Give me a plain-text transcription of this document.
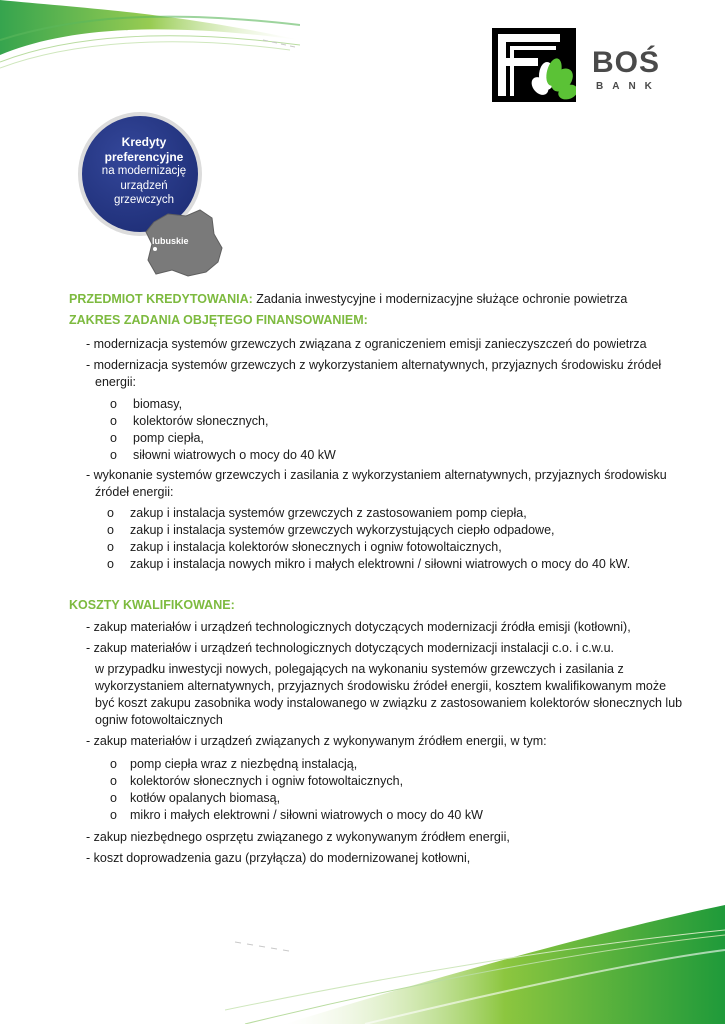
BOŚ
BANK
Kredyty
preferencyjne
na modernizację
urządzeń
grzewczych
lubuskie
PRZEDMIOT KREDYTOWANIA: Zadania inwestycyjne i modernizacyjne służące ochronie powietrza
ZAKRES ZADANIA OBJĘTEGO FINANSOWANIEM:
- modernizacja systemów grzewczych związana z ograniczeniem emisji zanieczyszczeń do powietrza
- modernizacja systemów grzewczych z wykorzystaniem alternatywnych, przyjaznych środowisku źródeł
energii:
o biomasy,
o kolektorów słonecznych,
o pomp ciepła,
o siłowni wiatrowych o mocy do 40 kW
- wykonanie systemów grzewczych i zasilania z wykorzystaniem alternatywnych, przyjaznych środowisku
źródeł energii:
o zakup i instalacja systemów grzewczych z zastosowaniem pomp ciepła,
o zakup i instalacja systemów grzewczych wykorzystujących ciepło odpadowe,
o zakup i instalacja kolektorów słonecznych i ogniw fotowoltaicznych,
o zakup i instalacja nowych mikro i małych elektrowni / siłowni wiatrowych o mocy do 40 kW.
KOSZTY KWALIFIKOWANE:
- zakup materiałów i urządzeń technologicznych dotyczących modernizacji źródła emisji (kotłowni),
- zakup materiałów i urządzeń technologicznych dotyczących modernizacji instalacji c.o. i c.w.u.
w przypadku inwestycji nowych, polegających na wykonaniu systemów grzewczych i zasilania z
wykorzystaniem alternatywnych, przyjaznych środowisku źródeł energii, kosztem kwalifikowanym może
być koszt zakupu zasobnika wody instalowanego w związku z zastosowaniem kolektorów słonecznych lub
ogniw fotowoltaicznych
- zakup materiałów i urządzeń związanych z wykonywanym źródłem energii, w tym:
o pomp ciepła wraz z niezbędną instalacją,
o kolektorów słonecznych i ogniw fotowoltaicznych,
o kotłów opalanych biomasą,
o mikro i małych elektrowni / siłowni wiatrowych o mocy do 40 kW
- zakup niezbędnego osprzętu związanego z wykonywanym źródłem energii,
- koszt doprowadzenia gazu (przyłącza) do modernizowanej kotłowni,
